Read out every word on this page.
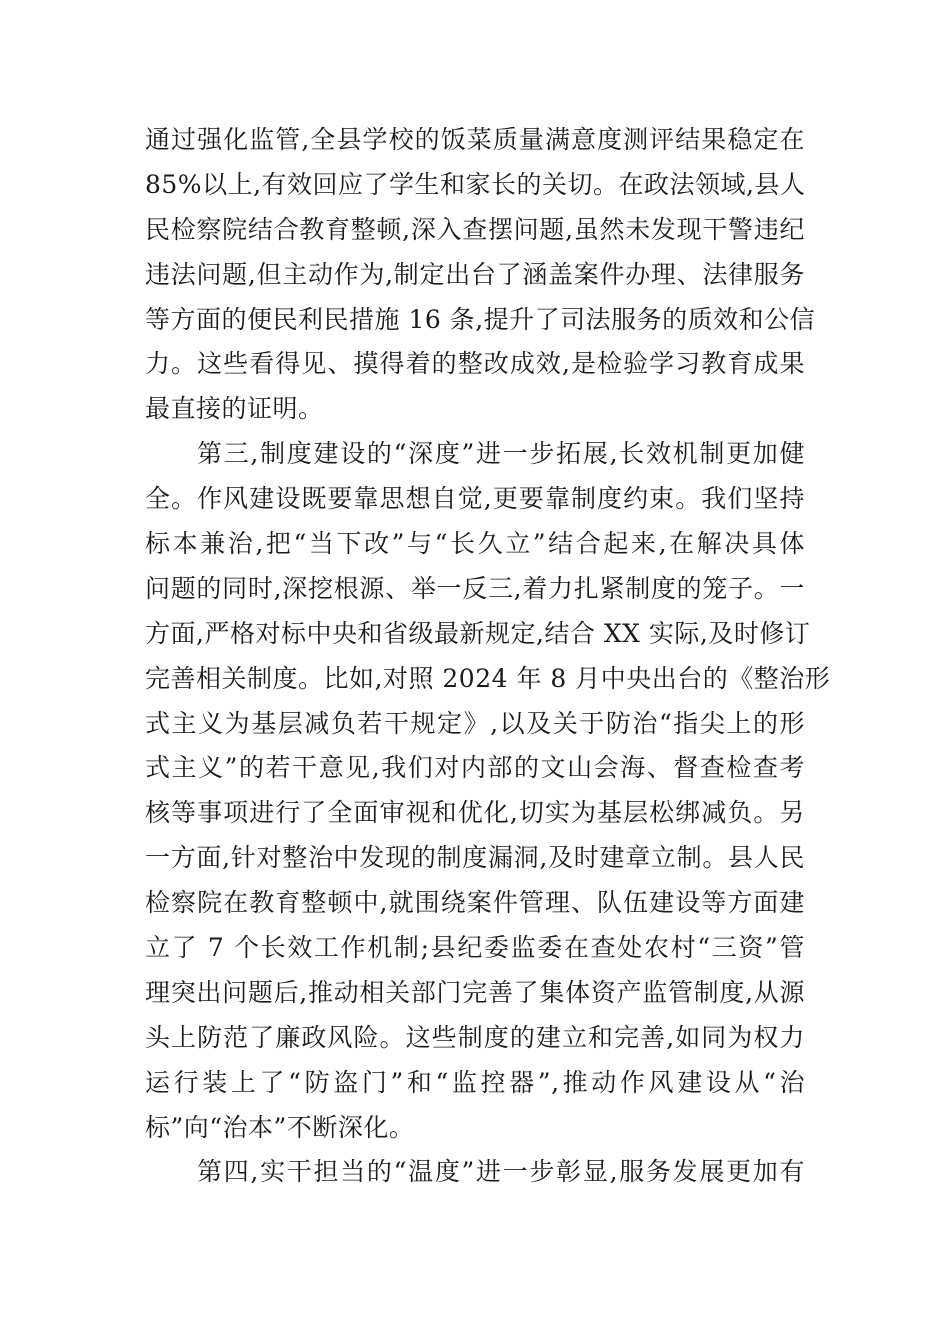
通过强化监管,全县学校的饭菜质量满意度测评结果稳定在
85%以上,有效回应了学生和家长的关切。在政法领域,县人
民检察院结合教育整顿,深入查摆问题,虽然未发现干警违纪
违法问题,但主动作为,制定出台了涵盖案件办理、法律服务
等方面的便民利民措施 16 条,提升了司法服务的质效和公信
力。这些看得见、摸得着的整改成效,是检验学习教育成果
最直接的证明。
第三,制度建设的“深度”进一步拓展,长效机制更加健
全。作风建设既要靠思想自觉,更要靠制度约束。我们坚持
标本兼治,把“当下改”与“长久立”结合起来,在解决具体
问题的同时,深挖根源、举一反三,着力扎紧制度的笼子。一
方面,严格对标中央和省级最新规定,结合 XX 实际,及时修订
完善相关制度。比如,对照 2024 年 8 月中央出台的《整治形
式主义为基层减负若干规定》,以及关于防治“指尖上的形
式主义”的若干意见,我们对内部的文山会海、督查检查考
核等事项进行了全面审视和优化,切实为基层松绑减负。另
一方面,针对整治中发现的制度漏洞,及时建章立制。县人民
检察院在教育整顿中,就围绕案件管理、队伍建设等方面建
立了 7 个长效工作机制;县纪委监委在查处农村“三资”管
理突出问题后,推动相关部门完善了集体资产监管制度,从源
头上防范了廉政风险。这些制度的建立和完善,如同为权力
运行装上了“防盗门”和“监控器”,推动作风建设从“治
标”向“治本”不断深化。
第四,实干担当的“温度”进一步彰显,服务发展更加有
